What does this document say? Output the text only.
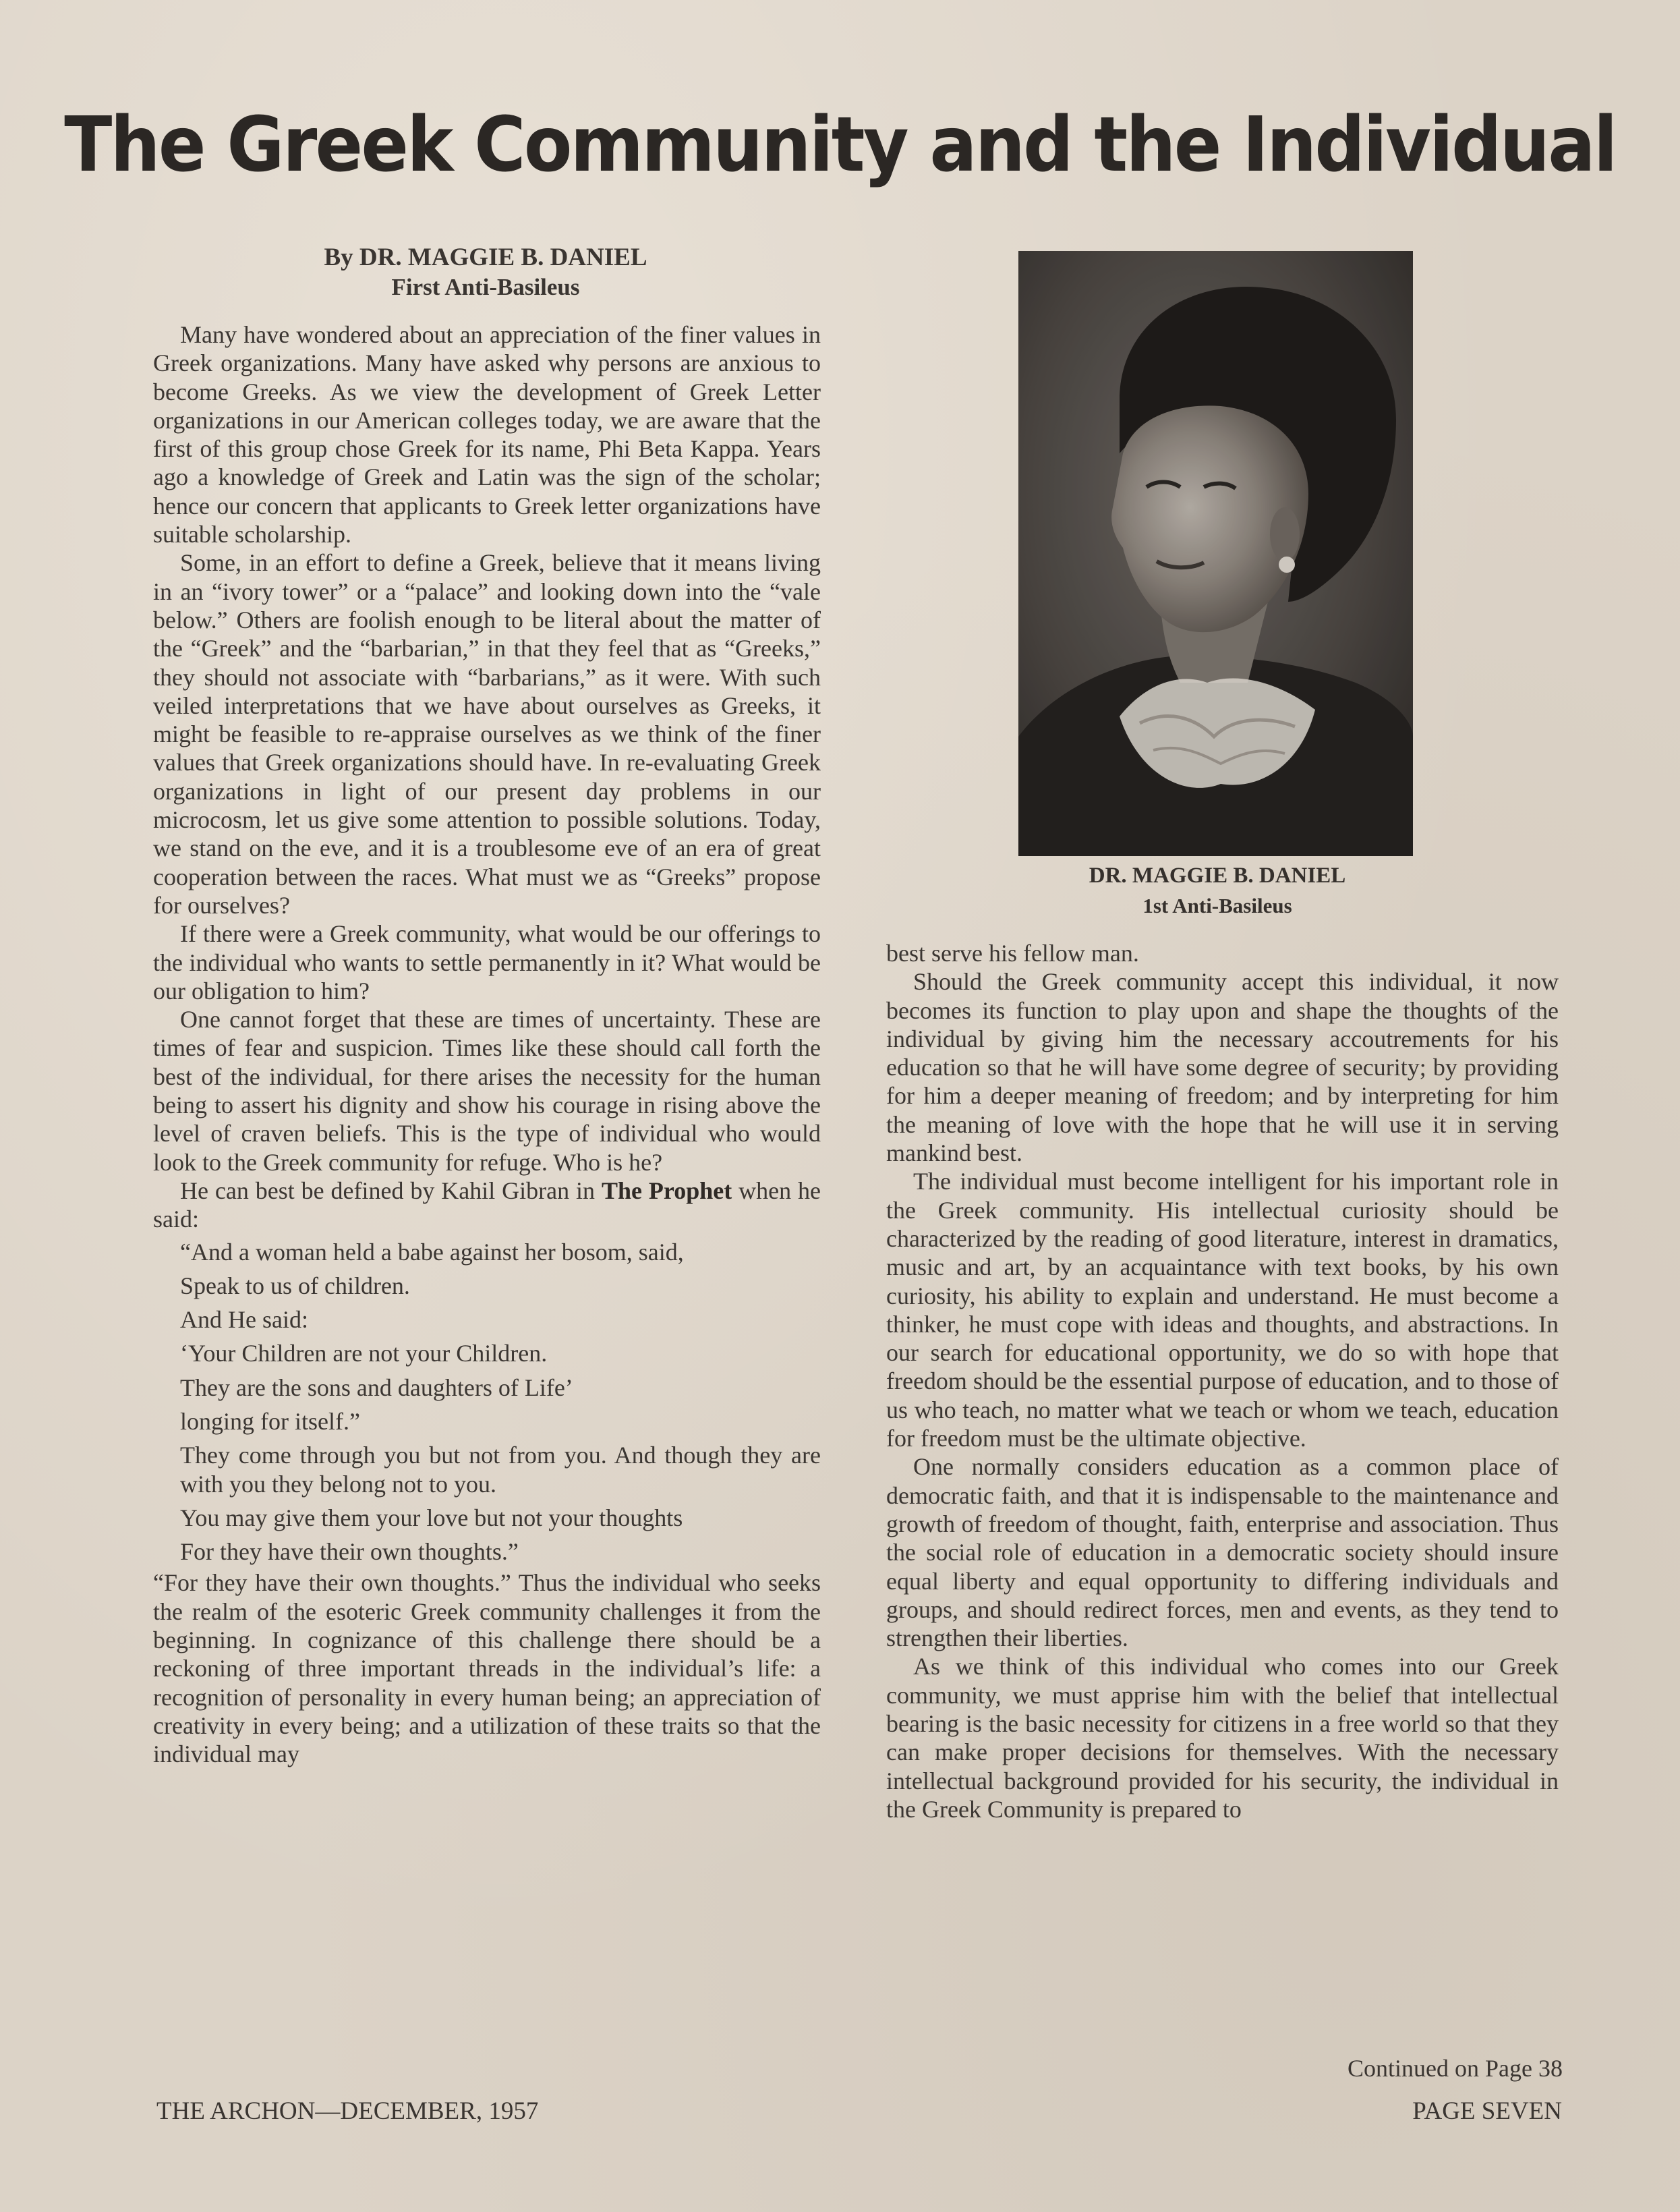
The Greek Community and the Individual
By DR. MAGGIE B. DANIEL
First Anti-Basileus

Many have wondered about an appreciation of the finer values in Greek organizations. Many have asked why persons are anxious to become Greeks. As we view the development of Greek Letter organizations in our American colleges today, we are aware that the first of this group chose Greek for its name, Phi Beta Kappa. Years ago a knowledge of Greek and Latin was the sign of the scholar; hence our concern that applicants to Greek letter organizations have suitable scholarship.

Some, in an effort to define a Greek, believe that it means living in an “ivory tower” or a “palace” and looking down into the “vale below.” Others are foolish enough to be literal about the matter of the “Greek” and the “barbarian,” in that they feel that as “Greeks,” they should not associate with “barbarians,” as it were. With such veiled interpretations that we have about ourselves as Greeks, it might be feasible to re-appraise ourselves as we think of the finer values that Greek organizations should have. In re-evaluating Greek organizations in light of our present day problems in our microcosm, let us give some attention to possible solutions. Today, we stand on the eve, and it is a troublesome eve of an era of great cooperation between the races. What must we as “Greeks” propose for ourselves?

If there were a Greek community, what would be our offerings to the individual who wants to settle permanently in it? What would be our obligation to him?

One cannot forget that these are times of uncertainty. These are times of fear and suspicion. Times like these should call forth the best of the individual, for there arises the necessity for the human being to assert his dignity and show his courage in rising above the level of craven beliefs. This is the type of individual who would look to the Greek community for refuge. Who is he?

He can best be defined by Kahil Gibran in The Prophet when he said:

“And a woman held a babe against her bosom, said,

Speak to us of children.

And He said:

‘Your Children are not your Children.

They are the sons and daughters of Life’

longing for itself.”

They come through you but not from you. And though they are with you they belong not to you.

You may give them your love but not your thoughts

For they have their own thoughts.”

“For they have their own thoughts.” Thus the individual who seeks the realm of the esoteric Greek community challenges it from the beginning. In cognizance of this challenge there should be a reckoning of three important threads in the individual’s life: a recognition of personality in every human being; an appreciation of creativity in every being; and a utilization of these traits so that the individual may

DR. MAGGIE B. DANIEL
1st Anti-Basileus

best serve his fellow man.

Should the Greek community accept this individual, it now becomes its function to play upon and shape the thoughts of the individual by giving him the necessary accoutrements for his education so that he will have some degree of security; by providing for him a deeper meaning of freedom; and by interpreting for him the meaning of love with the hope that he will use it in serving mankind best.

The individual must become intelligent for his important role in the Greek community. His intellectual curiosity should be characterized by the reading of good literature, interest in dramatics, music and art, by an acquaintance with text books, by his own curiosity, his ability to explain and understand. He must become a thinker, he must cope with ideas and thoughts, and abstractions. In our search for educational opportunity, we do so with hope that freedom should be the essential purpose of education, and to those of us who teach, no matter what we teach or whom we teach, education for freedom must be the ultimate objective.

One normally considers education as a common place of democratic faith, and that it is indispensable to the maintenance and growth of freedom of thought, faith, enterprise and association. Thus the social role of education in a democratic society should insure equal liberty and equal opportunity to differing individuals and groups, and should redirect forces, men and events, as they tend to strengthen their liberties.

As we think of this individual who comes into our Greek community, we must apprise him with the belief that intellectual bearing is the basic necessity for citizens in a free world so that they can make proper decisions for themselves. With the necessary intellectual background provided for his security, the individual in the Greek Community is prepared to

Continued on Page 38
THE ARCHON—DECEMBER, 1957	PAGE SEVEN
